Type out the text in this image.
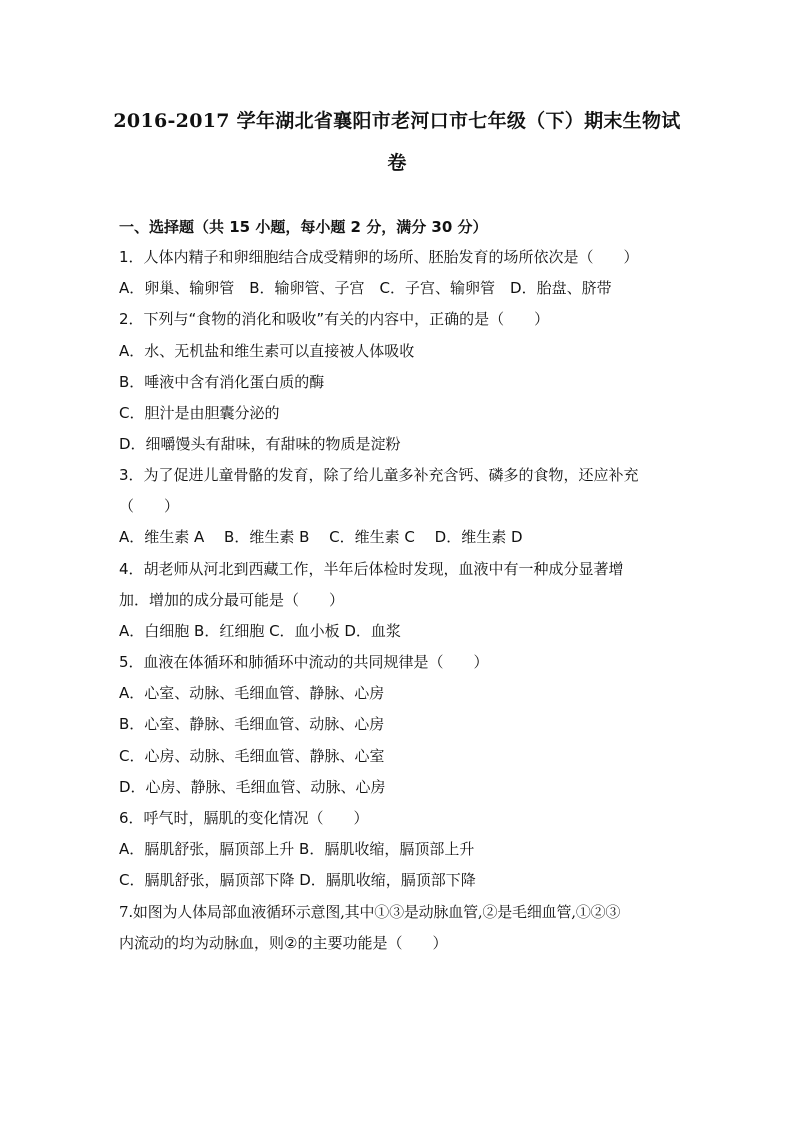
2016-2017 学年湖北省襄阳市老河口市七年级（下）期末生物试
卷
一、选择题（共 15 小题，每小题 2 分，满分 30 分）
1．人体内精子和卵细胞结合成受精卵的场所、胚胎发育的场所依次是（　　）
A．卵巢、输卵管　B．输卵管、子宫　C．子宫、输卵管　D．胎盘、脐带
2．下列与“食物的消化和吸收”有关的内容中，正确的是（　　）
A．水、无机盐和维生素可以直接被人体吸收
B．唾液中含有消化蛋白质的酶
C．胆汁是由胆囊分泌的
D．细嚼馒头有甜味，有甜味的物质是淀粉
3．为了促进儿童骨骼的发育，除了给儿童多补充含钙、磷多的食物，还应补充
（　　）
A．维生素 A　 B．维生素 B　 C．维生素 C　 D．维生素 D
4．胡老师从河北到西藏工作，半年后体检时发现，血液中有一种成分显著增
加．增加的成分最可能是（　　）
A．白细胞 B．红细胞 C．血小板 D．血浆
5．血液在体循环和肺循环中流动的共同规律是（　　）
A．心室、动脉、毛细血管、静脉、心房
B．心室、静脉、毛细血管、动脉、心房
C．心房、动脉、毛细血管、静脉、心室
D．心房、静脉、毛细血管、动脉、心房
6．呼气时，膈肌的变化情况（　　）
A．膈肌舒张，膈顶部上升 B．膈肌收缩，膈顶部上升
C．膈肌舒张，膈顶部下降 D．膈肌收缩，膈顶部下降
7.如图为人体局部血液循环示意图,其中①③是动脉血管,②是毛细血管,①②③
内流动的均为动脉血，则②的主要功能是（　　）
